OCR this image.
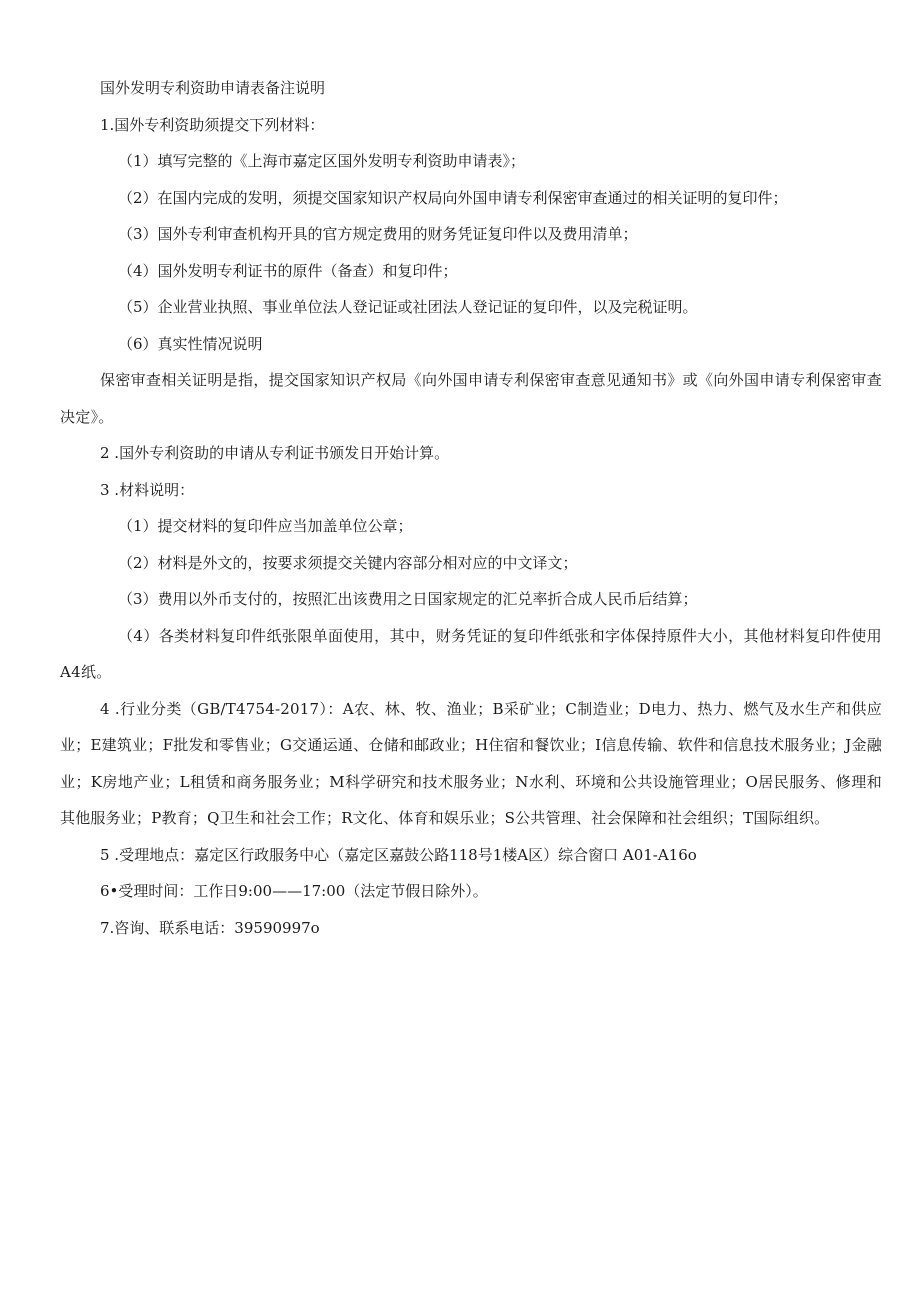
国外发明专利资助申请表备注说明

1.国外专利资助须提交下列材料：

（1）填写完整的《上海市嘉定区国外发明专利资助申请表》；

（2）在国内完成的发明，须提交国家知识产权局向外国申请专利保密审查通过的相关证明的复印件；

（3）国外专利审查机构开具的官方规定费用的财务凭证复印件以及费用清单；

（4）国外发明专利证书的原件（备查）和复印件；

（5）企业营业执照、事业单位法人登记证或社团法人登记证的复印件，以及完税证明。

（6）真实性情况说明

保密审查相关证明是指，提交国家知识产权局《向外国申请专利保密审查意见通知书》或《向外国申请专利保密审查决定》。

2 .国外专利资助的申请从专利证书颁发日开始计算。

3 .材料说明：

（1）提交材料的复印件应当加盖单位公章；

（2）材料是外文的，按要求须提交关键内容部分相对应的中文译文；

（3）费用以外币支付的，按照汇出该费用之日国家规定的汇兑率折合成人民币后结算；

（4）各类材料复印件纸张限单面使用，其中，财务凭证的复印件纸张和字体保持原件大小，其他材料复印件使用A4纸。

4 .行业分类（GB/T4754-2017）：A农、林、牧、渔业；B采矿业；C制造业；D电力、热力、燃气及水生产和供应业；E建筑业；F批发和零售业；G交通运通、仓储和邮政业；H住宿和餐饮业；I信息传输、软件和信息技术服务业；J金融业；K房地产业；L租赁和商务服务业；M科学研究和技术服务业；N水利、环境和公共设施管理业；O居民服务、修理和其他服务业；P教育；Q卫生和社会工作；R文化、体育和娱乐业；S公共管理、社会保障和社会组织；T国际组织。

5 .受理地点：嘉定区行政服务中心（嘉定区嘉鼓公路118号1楼A区）综合窗口 A01-A16o

6•受理时间：工作日9:00——17:00（法定节假日除外）。

7.咨询、联系电话：39590997o
